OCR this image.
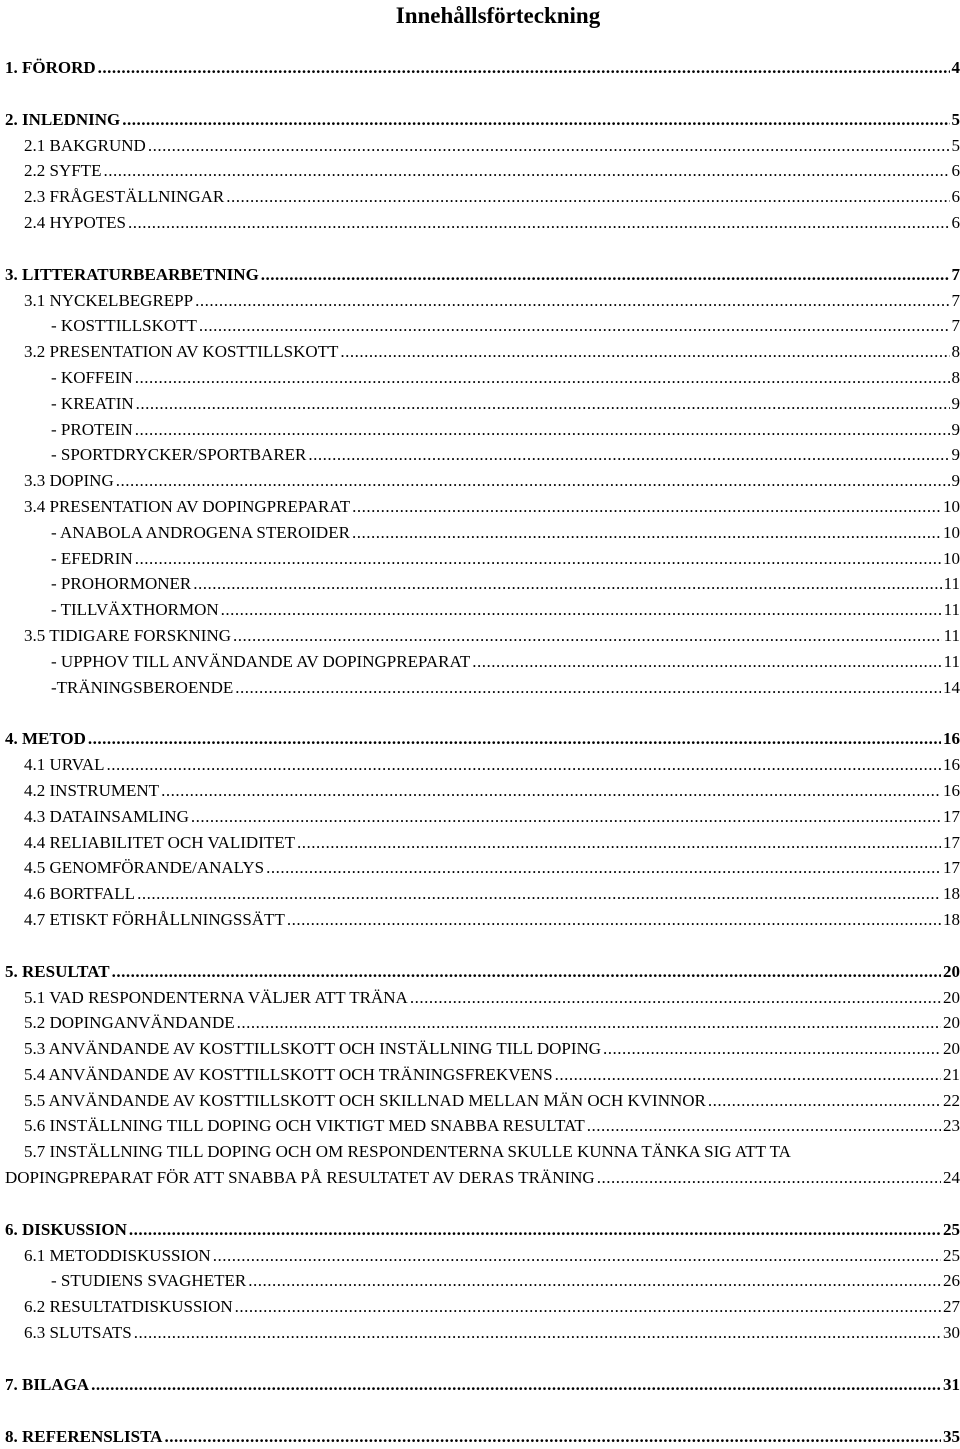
Innehållsförteckning
1. FÖRORD .....	4
2. INLEDNING .....	5
2.1 BAKGRUND .....	5
2.2 SYFTE .....	6
2.3 FRÅGESTÄLLNINGAR .....	6
2.4 HYPOTES .....	6
3. LITTERATURBEARBETNING .....	7
3.1 NYCKELBEGREPP .....	7
- KOSTTILLSKOTT .....	7
3.2 PRESENTATION AV KOSTTILLSKOTT .....	8
- KOFFEIN .....	8
- KREATIN .....	9
- PROTEIN .....	9
- SPORTDRYCKER/SPORTBARER .....	9
3.3 DOPING .....	9
3.4 PRESENTATION AV DOPINGPREPARAT .....	10
- ANABOLA ANDROGENA STEROIDER .....	10
- EFEDRIN .....	10
- PROHORMONER .....	11
- TILLVÄXTHORMON .....	11
3.5 TIDIGARE FORSKNING .....	11
- UPPHOV TILL ANVÄNDANDE AV DOPINGPREPARAT .....	11
-TRÄNINGSBEROENDE .....	14
4. METOD .....	16
4.1 URVAL .....	16
4.2 INSTRUMENT .....	16
4.3 DATAINSAMLING .....	17
4.4 RELIABILITET OCH VALIDITET .....	17
4.5 GENOMFÖRANDE/ANALYS .....	17
4.6 BORTFALL .....	18
4.7 ETISKT FÖRHÅLLNINGSSÄTT .....	18
5. RESULTAT .....	20
5.1 VAD RESPONDENTERNA VÄLJER ATT TRÄNA .....	20
5.2 DOPINGANVÄNDANDE .....	20
5.3 ANVÄNDANDE AV KOSTTILLSKOTT OCH INSTÄLLNING TILL DOPING .....	20
5.4 ANVÄNDANDE AV KOSTTILLSKOTT OCH TRÄNINGSFREKVENS .....	21
5.5 ANVÄNDANDE AV KOSTTILLSKOTT OCH SKILLNAD MELLAN MÄN OCH KVINNOR .....	22
5.6 INSTÄLLNING TILL DOPING OCH VIKTIGT MED SNABBA RESULTAT .....	23
5.7 INSTÄLLNING TILL DOPING OCH OM RESPONDENTERNA SKULLE KUNNA TÄNKA SIG ATT TA
DOPINGPREPARAT FÖR ATT SNABBA PÅ RESULTATET AV DERAS TRÄNING .....	24
6. DISKUSSION .....	25
6.1 METODDISKUSSION .....	25
- STUDIENS SVAGHETER .....	26
6.2 RESULTATDISKUSSION .....	27
6.3 SLUTSATS .....	30
7. BILAGA .....	31
8. REFERENSLISTA .....	35
